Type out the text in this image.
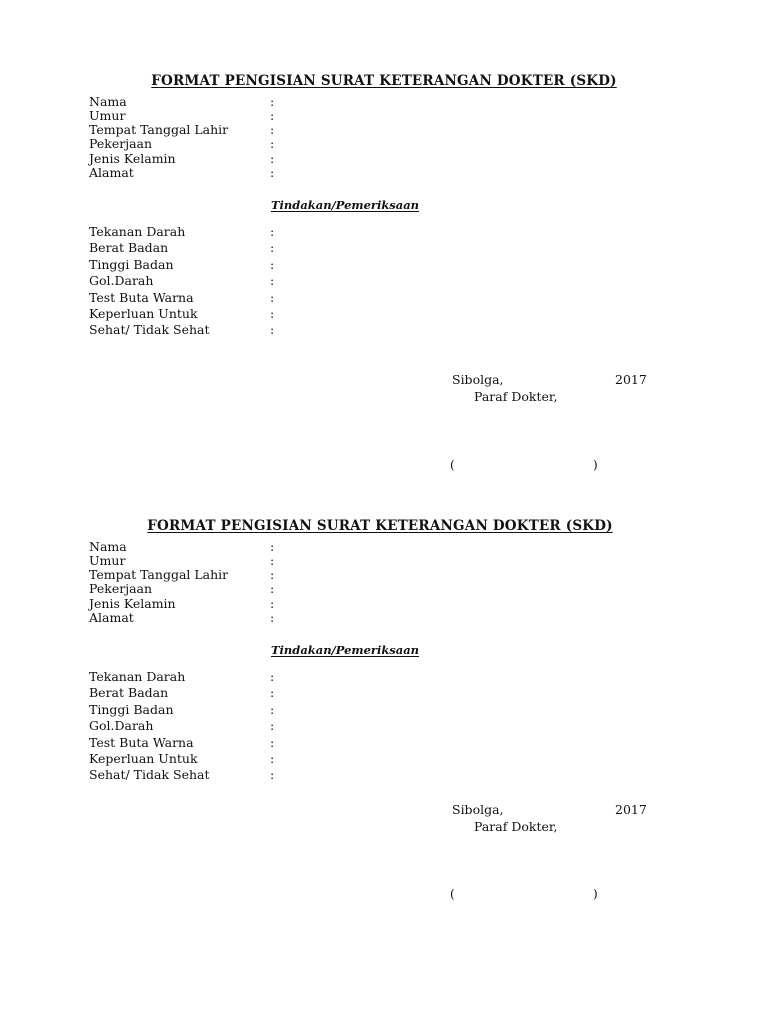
FORMAT PENGISIAN SURAT KETERANGAN DOKTER (SKD)
Nama	:
Umur	:
Tempat Tanggal Lahir	:
Pekerjaan	:
Jenis Kelamin	:
Alamat	:
Tindakan/Pemeriksaan
Tekanan Darah	:
Berat Badan	:
Tinggi Badan	:
Gol.Darah	:
Test Buta Warna	:
Keperluan Untuk	:
Sehat/ Tidak Sehat	:
Sibolga,	2017
Paraf Dokter,
(	)
FORMAT PENGISIAN SURAT KETERANGAN DOKTER (SKD)
Nama	:
Umur	:
Tempat Tanggal Lahir	:
Pekerjaan	:
Jenis Kelamin	:
Alamat	:
Tindakan/Pemeriksaan
Tekanan Darah	:
Berat Badan	:
Tinggi Badan	:
Gol.Darah	:
Test Buta Warna	:
Keperluan Untuk	:
Sehat/ Tidak Sehat	:
Sibolga,	2017
Paraf Dokter,
(	)
